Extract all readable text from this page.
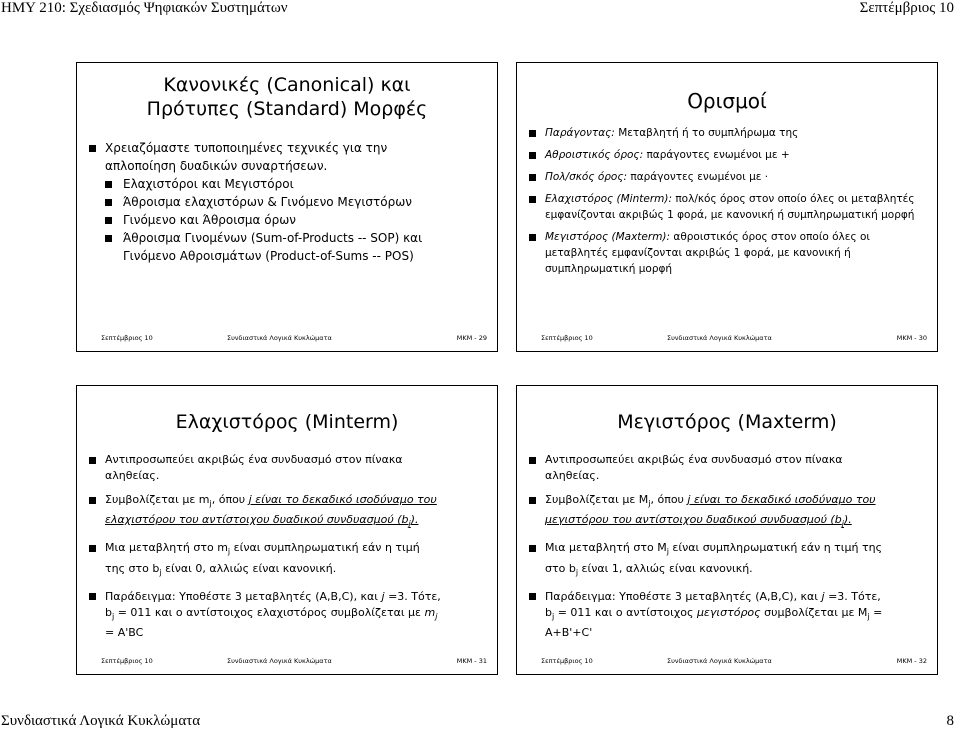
ΗΜΥ 210: Σχεδιασμός Ψηφιακών Συστημάτων	Σεπτέμβριος 10
Κανονικές (Canonical) και
Πρότυπες (Standard) Μορφές
Χρειαζόμαστε τυποποιημένες τεχνικές για την απλοποίηση δυαδικών συναρτήσεων.
Ελαχιστόροι και Μεγιστόροι
Άθροισμα ελαχιστόρων & Γινόμενο Μεγιστόρων
Γινόμενο και Άθροισμα όρων
Άθροισμα Γινομένων (Sum-of-Products -- SOP) και Γινόμενο Αθροισμάτων (Product-of-Sums -- POS)
Σεπτέμβριος 10	Συνδιαστικά Λογικά Κυκλώματα	MKM - 29
Ορισμοί
Παράγοντας: Μεταβλητή ή το συμπλήρωμα της
Αθροιστικός όρος: παράγοντες ενωμένοι με +
Πολ/σκός όρος: παράγοντες ενωμένοι με ·
Ελαχιστόρος (Minterm): πολ/κός όρος στον οποίο όλες οι μεταβλητές εμφανίζονται ακριβώς 1 φορά, με κανονική ή συμπληρωματική μορφή
Μεγιστόρος (Maxterm): αθροιστικός όρος στον οποίο όλες οι μεταβλητές εμφανίζονται ακριβώς 1 φορά, με κανονική ή συμπληρωματική μορφή
Σεπτέμβριος 10	Συνδιαστικά Λογικά Κυκλώματα	MKM - 30
Ελαχιστόρος (Minterm)
Αντιπροσωπεύει ακριβώς ένα συνδυασμό στον πίνακα αληθείας.
Συμβολίζεται με $m_j$, όπου j είναι το δεκαδικό ισοδύναμο του ελαχιστόρου του αντίστοιχου δυαδικού συνδυασμού $(b_j)$.
Μια μεταβλητή στο $m_j$ είναι συμπληρωματική εάν η τιμή της στο $b_j$ είναι 0, αλλιώς είναι κανονική.
Παράδειγμα: Υποθέστε 3 μεταβλητές (A,B,C), και j =3. Τότε, $b_j = 011$ και ο αντίστοιχος ελαχιστόρος συμβολίζεται με $m_j = A'BC$
Σεπτέμβριος 10	Συνδιαστικά Λογικά Κυκλώματα	MKM - 31
Μεγιστόρος (Maxterm)
Αντιπροσωπεύει ακριβώς ένα συνδυασμό στον πίνακα αληθείας.
Συμβολίζεται με $M_j$, όπου j είναι το δεκαδικό ισοδύναμο του μεγιστόρου του αντίστοιχου δυαδικού συνδυασμού $(b_j)$.
Μια μεταβλητή στο $M_j$ είναι συμπληρωματική εάν η τιμή της στο $b_j$ είναι 1, αλλιώς είναι κανονική.
Παράδειγμα: Υποθέστε 3 μεταβλητές (A,B,C), και j =3. Τότε, $b_j = 011$ και ο αντίστοιχος μεγιστόρος συμβολίζεται με $M_j = A+B'+C'$
Σεπτέμβριος 10	Συνδιαστικά Λογικά Κυκλώματα	MKM - 32
Συνδιαστικά Λογικά Κυκλώματα	8
